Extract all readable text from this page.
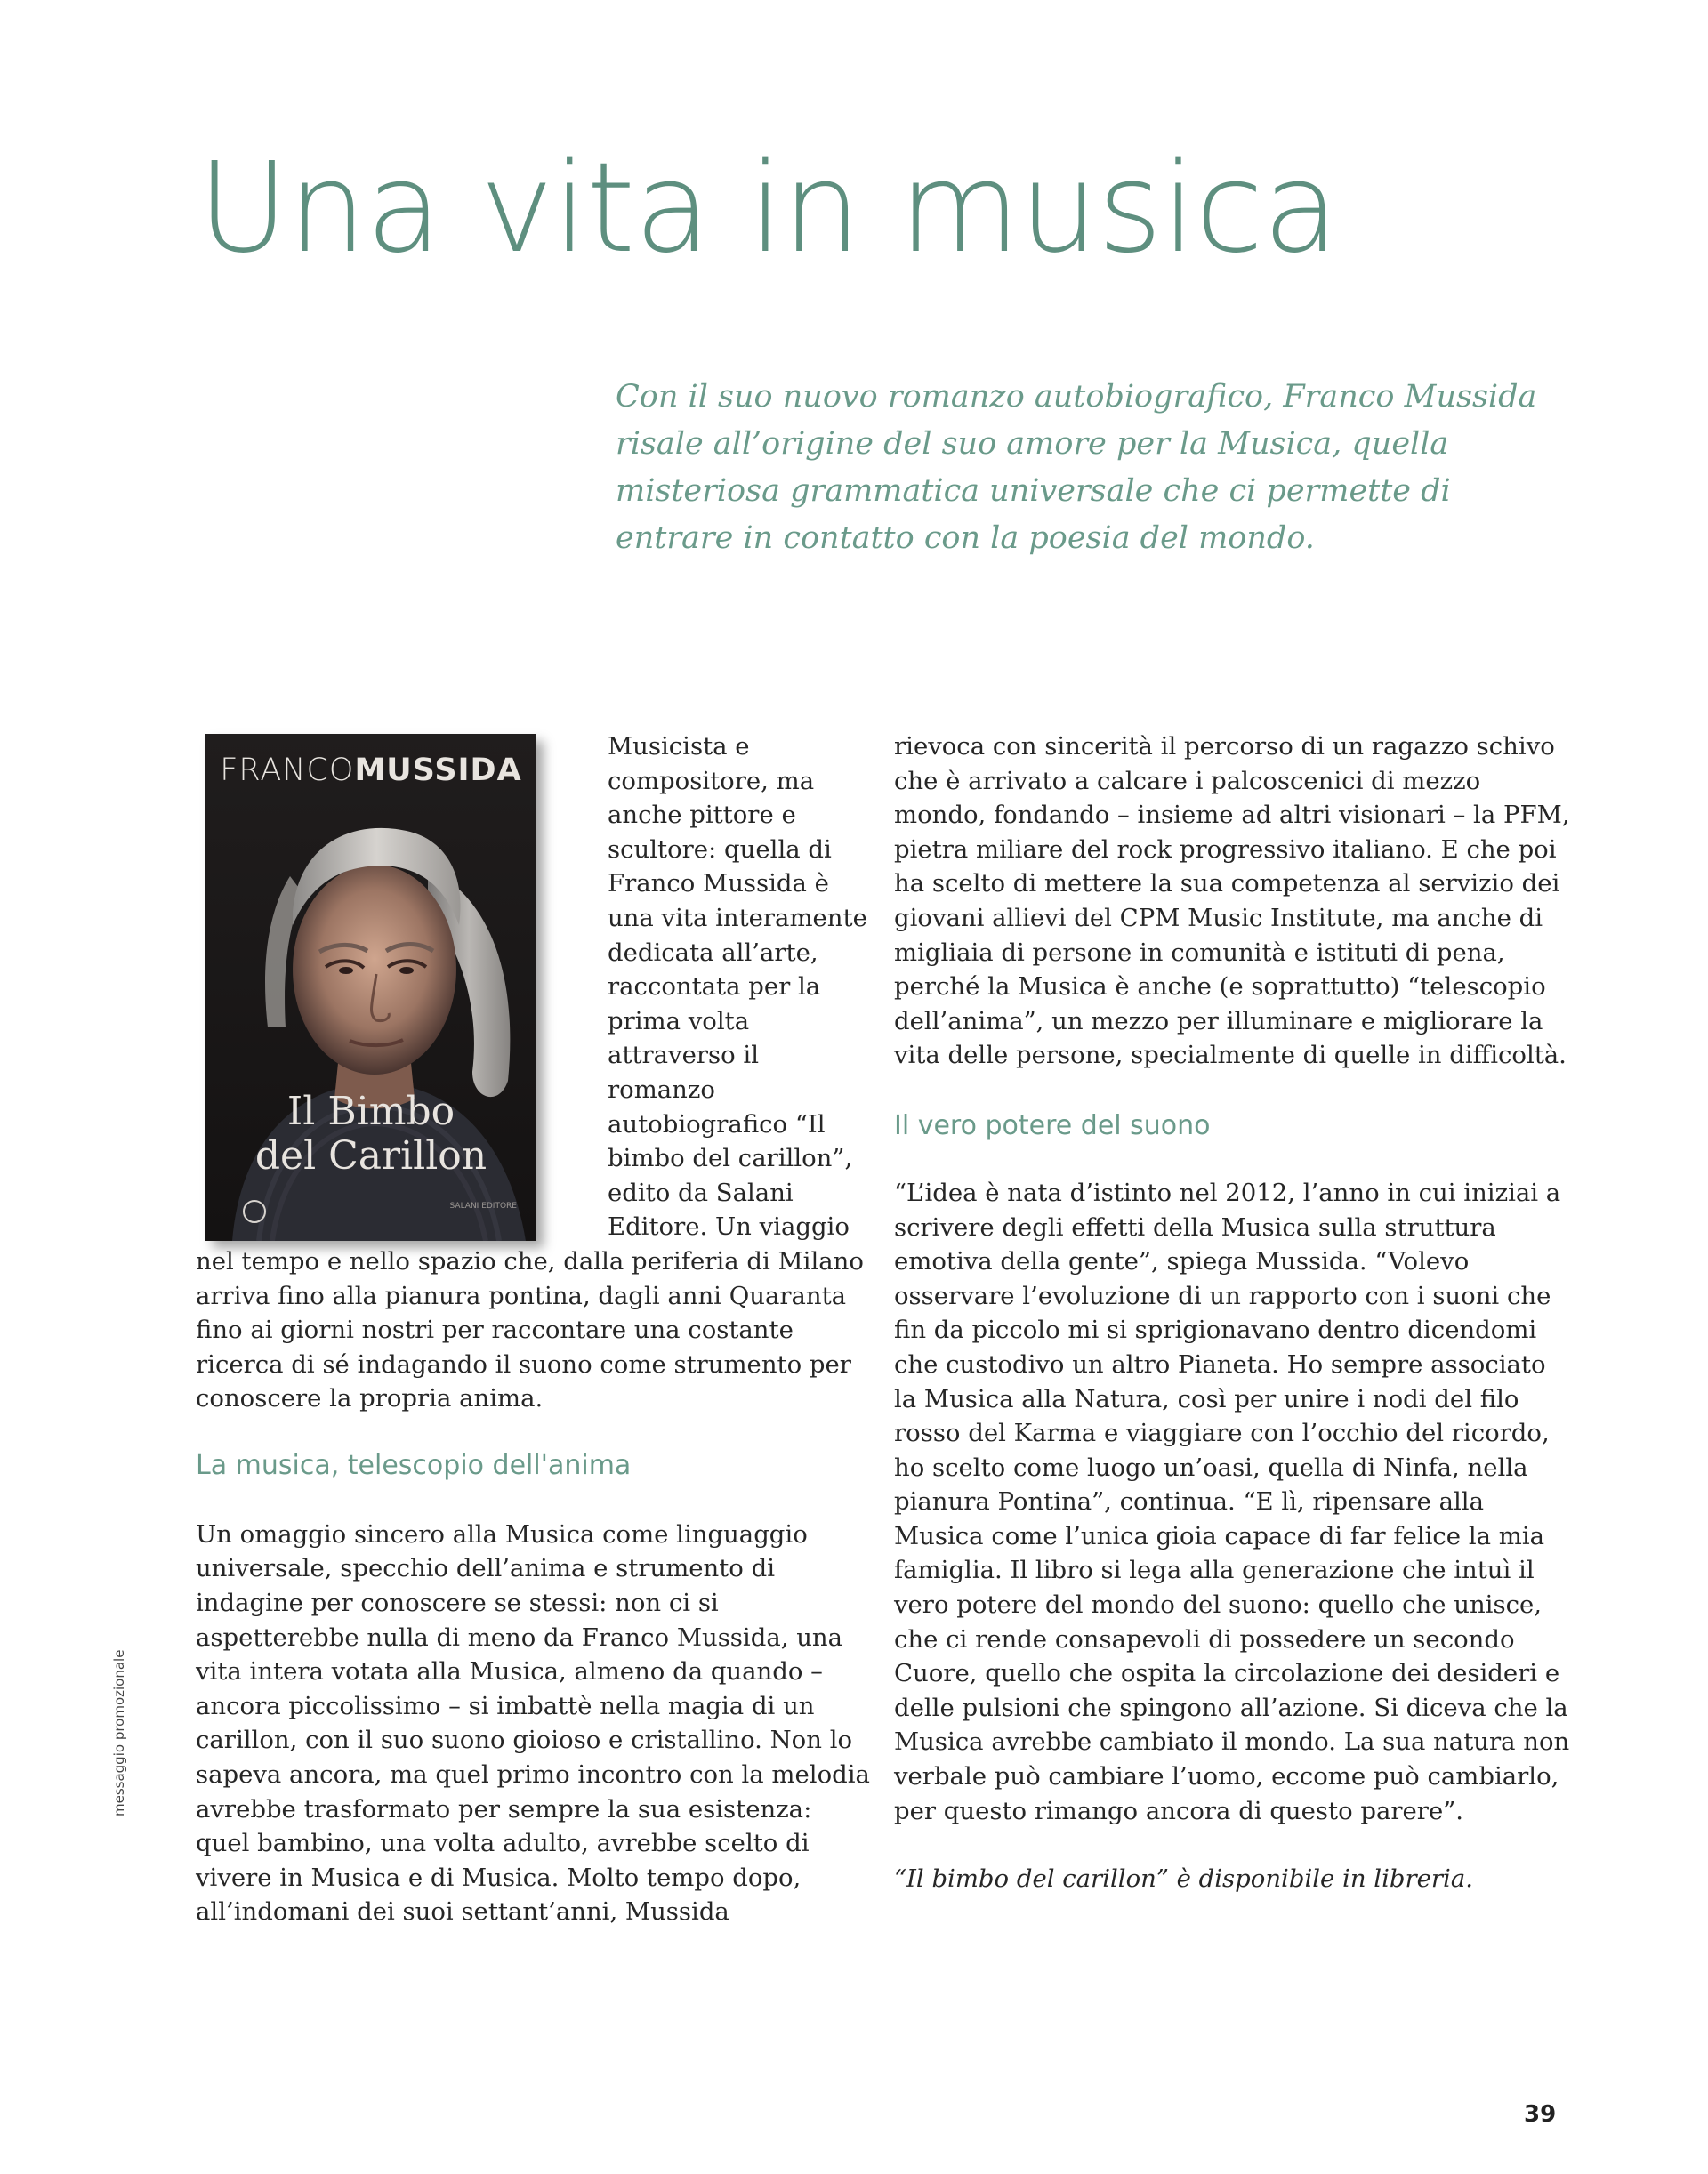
Una vita in musica

Con il suo nuovo romanzo autobiografico, Franco Mussida risale all’origine del suo amore per la Musica, quella misteriosa grammatica universale che ci permette di entrare in contatto con la poesia del mondo.

FRANCOMUSSIDA
Il Bimbo
del Carillon
SALANI EDITORE

Musicista e compositore, ma anche pittore e scultore: quella di Franco Mussida è una vita interamente dedicata all’arte, raccontata per la prima volta attraverso il romanzo autobiografico “Il bimbo del carillon”, edito da Salani Editore. Un viaggio nel tempo e nello spazio che, dalla periferia di Milano arriva fino alla pianura pontina, dagli anni Quaranta fino ai giorni nostri per raccontare una costante ricerca di sé indagando il suono come strumento per conoscere la propria anima.

La musica, telescopio dell'anima

Un omaggio sincero alla Musica come linguaggio universale, specchio dell’anima e strumento di indagine per conoscere se stessi: non ci si aspetterebbe nulla di meno da Franco Mussida, una vita intera votata alla Musica, almeno da quando – ancora piccolissimo – si imbattè nella magia di un carillon, con il suo suono gioioso e cristallino. Non lo sapeva ancora, ma quel primo incontro con la melodia avrebbe trasformato per sempre la sua esistenza: quel bambino, una volta adulto, avrebbe scelto di vivere in Musica e di Musica. Molto tempo dopo, all’indomani dei suoi settant’anni, Mussida

rievoca con sincerità il percorso di un ragazzo schivo che è arrivato a calcare i palcoscenici di mezzo mondo, fondando – insieme ad altri visionari – la PFM, pietra miliare del rock progressivo italiano. E che poi ha scelto di mettere la sua competenza al servizio dei giovani allievi del CPM Music Institute, ma anche di migliaia di persone in comunità e istituti di pena, perché la Musica è anche (e soprattutto) “telescopio dell’anima”, un mezzo per illuminare e migliorare la vita delle persone, specialmente di quelle in difficoltà.

Il vero potere del suono

“L’idea è nata d’istinto nel 2012, l’anno in cui iniziai a scrivere degli effetti della Musica sulla struttura emotiva della gente”, spiega Mussida. “Volevo osservare l’evoluzione di un rapporto con i suoni che fin da piccolo mi si sprigionavano dentro dicendomi che custodivo un altro Pianeta. Ho sempre associato la Musica alla Natura, così per unire i nodi del filo rosso del Karma e viaggiare con l’occhio del ricordo, ho scelto come luogo un’oasi, quella di Ninfa, nella pianura Pontina”, continua. “E lì, ripensare alla Musica come l’unica gioia capace di far felice la mia famiglia. Il libro si lega alla generazione che intuì il vero potere del mondo del suono: quello che unisce, che ci rende consapevoli di possedere un secondo Cuore, quello che ospita la circolazione dei desideri e delle pulsioni che spingono all’azione. Si diceva che la Musica avrebbe cambiato il mondo. La sua natura non verbale può cambiare l’uomo, eccome può cambiarlo, per questo rimango ancora di questo parere”.

“Il bimbo del carillon” è disponibile in libreria.

messaggio promozionale
39
